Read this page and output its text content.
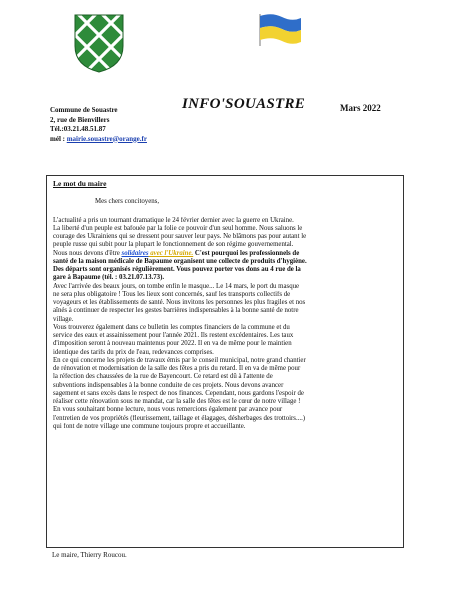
Commune de Souastre
2, rue de Bienvillers
Tél.:03.21.48.51.87
mél : mairie.souastre@orange.fr
INFO'SOUASTRE	Mars 2022
Le mot du maire
Mes chers concitoyens,
L'actualité a pris un tournant dramatique le 24 février dernier avec la guerre en Ukraine.
La liberté d'un peuple est bafouée par la folie ce pouvoir d'un seul homme. Nous saluons le
courage des Ukrainiens qui se dressent pour sauver leur pays. Ne blâmons pas pour autant le
peuple russe qui subit pour la plupart le fonctionnement de son régime gouvernemental.
Nous nous devons d'être solidaires avec l'Ukraine. C'est pourquoi les professionnels de
santé de la maison médicale de Bapaume organisent une collecte de produits d'hygiène.
Des départs sont organisés régulièrement. Vous pouvez porter vos dons au 4 rue de la
gare à Bapaume (tél. : 03.21.07.13.73).
Avec l'arrivée des beaux jours, on tombe enfin le masque... Le 14 mars, le port du masque
ne sera plus obligatoire ! Tous les lieux sont concernés, sauf les transports collectifs de
voyageurs et les établissements de santé. Nous invitons les personnes les plus fragiles et nos
aînés à continuer de respecter les gestes barrières indispensables à la bonne santé de notre
village.
Vous trouverez également dans ce bulletin les comptes financiers de la commune et du
service des eaux et assainissement pour l'année 2021. Ils restent excédentaires. Les taux
d'imposition seront à nouveau maintenus pour 2022. Il en va de même pour le maintien
identique des tarifs du prix de l'eau, redevances comprises.
En ce qui concerne les projets de travaux émis par le conseil municipal, notre grand chantier
de rénovation et modernisation de la salle des fêtes a pris du retard. Il en va de même pour
la réfection des chaussées de la rue de Bayencourt. Ce retard est dû à l'attente de
subventions indispensables à la bonne conduite de ces projets. Nous devons avancer
sagement et sans excès dans le respect de nos finances. Cependant, nous gardons l'espoir de
réaliser cette rénovation sous ne mandat, car la salle des fêtes est le cœur de notre village !
En vous souhaitant bonne lecture, nous vous remercions également par avance pour
l'entretien de vos propriétés (fleurissement, taillage et élagages, désherbages des trottoirs....)
qui font de notre village une commune toujours propre et accueillante.
Le maire, Thierry Roucou.
